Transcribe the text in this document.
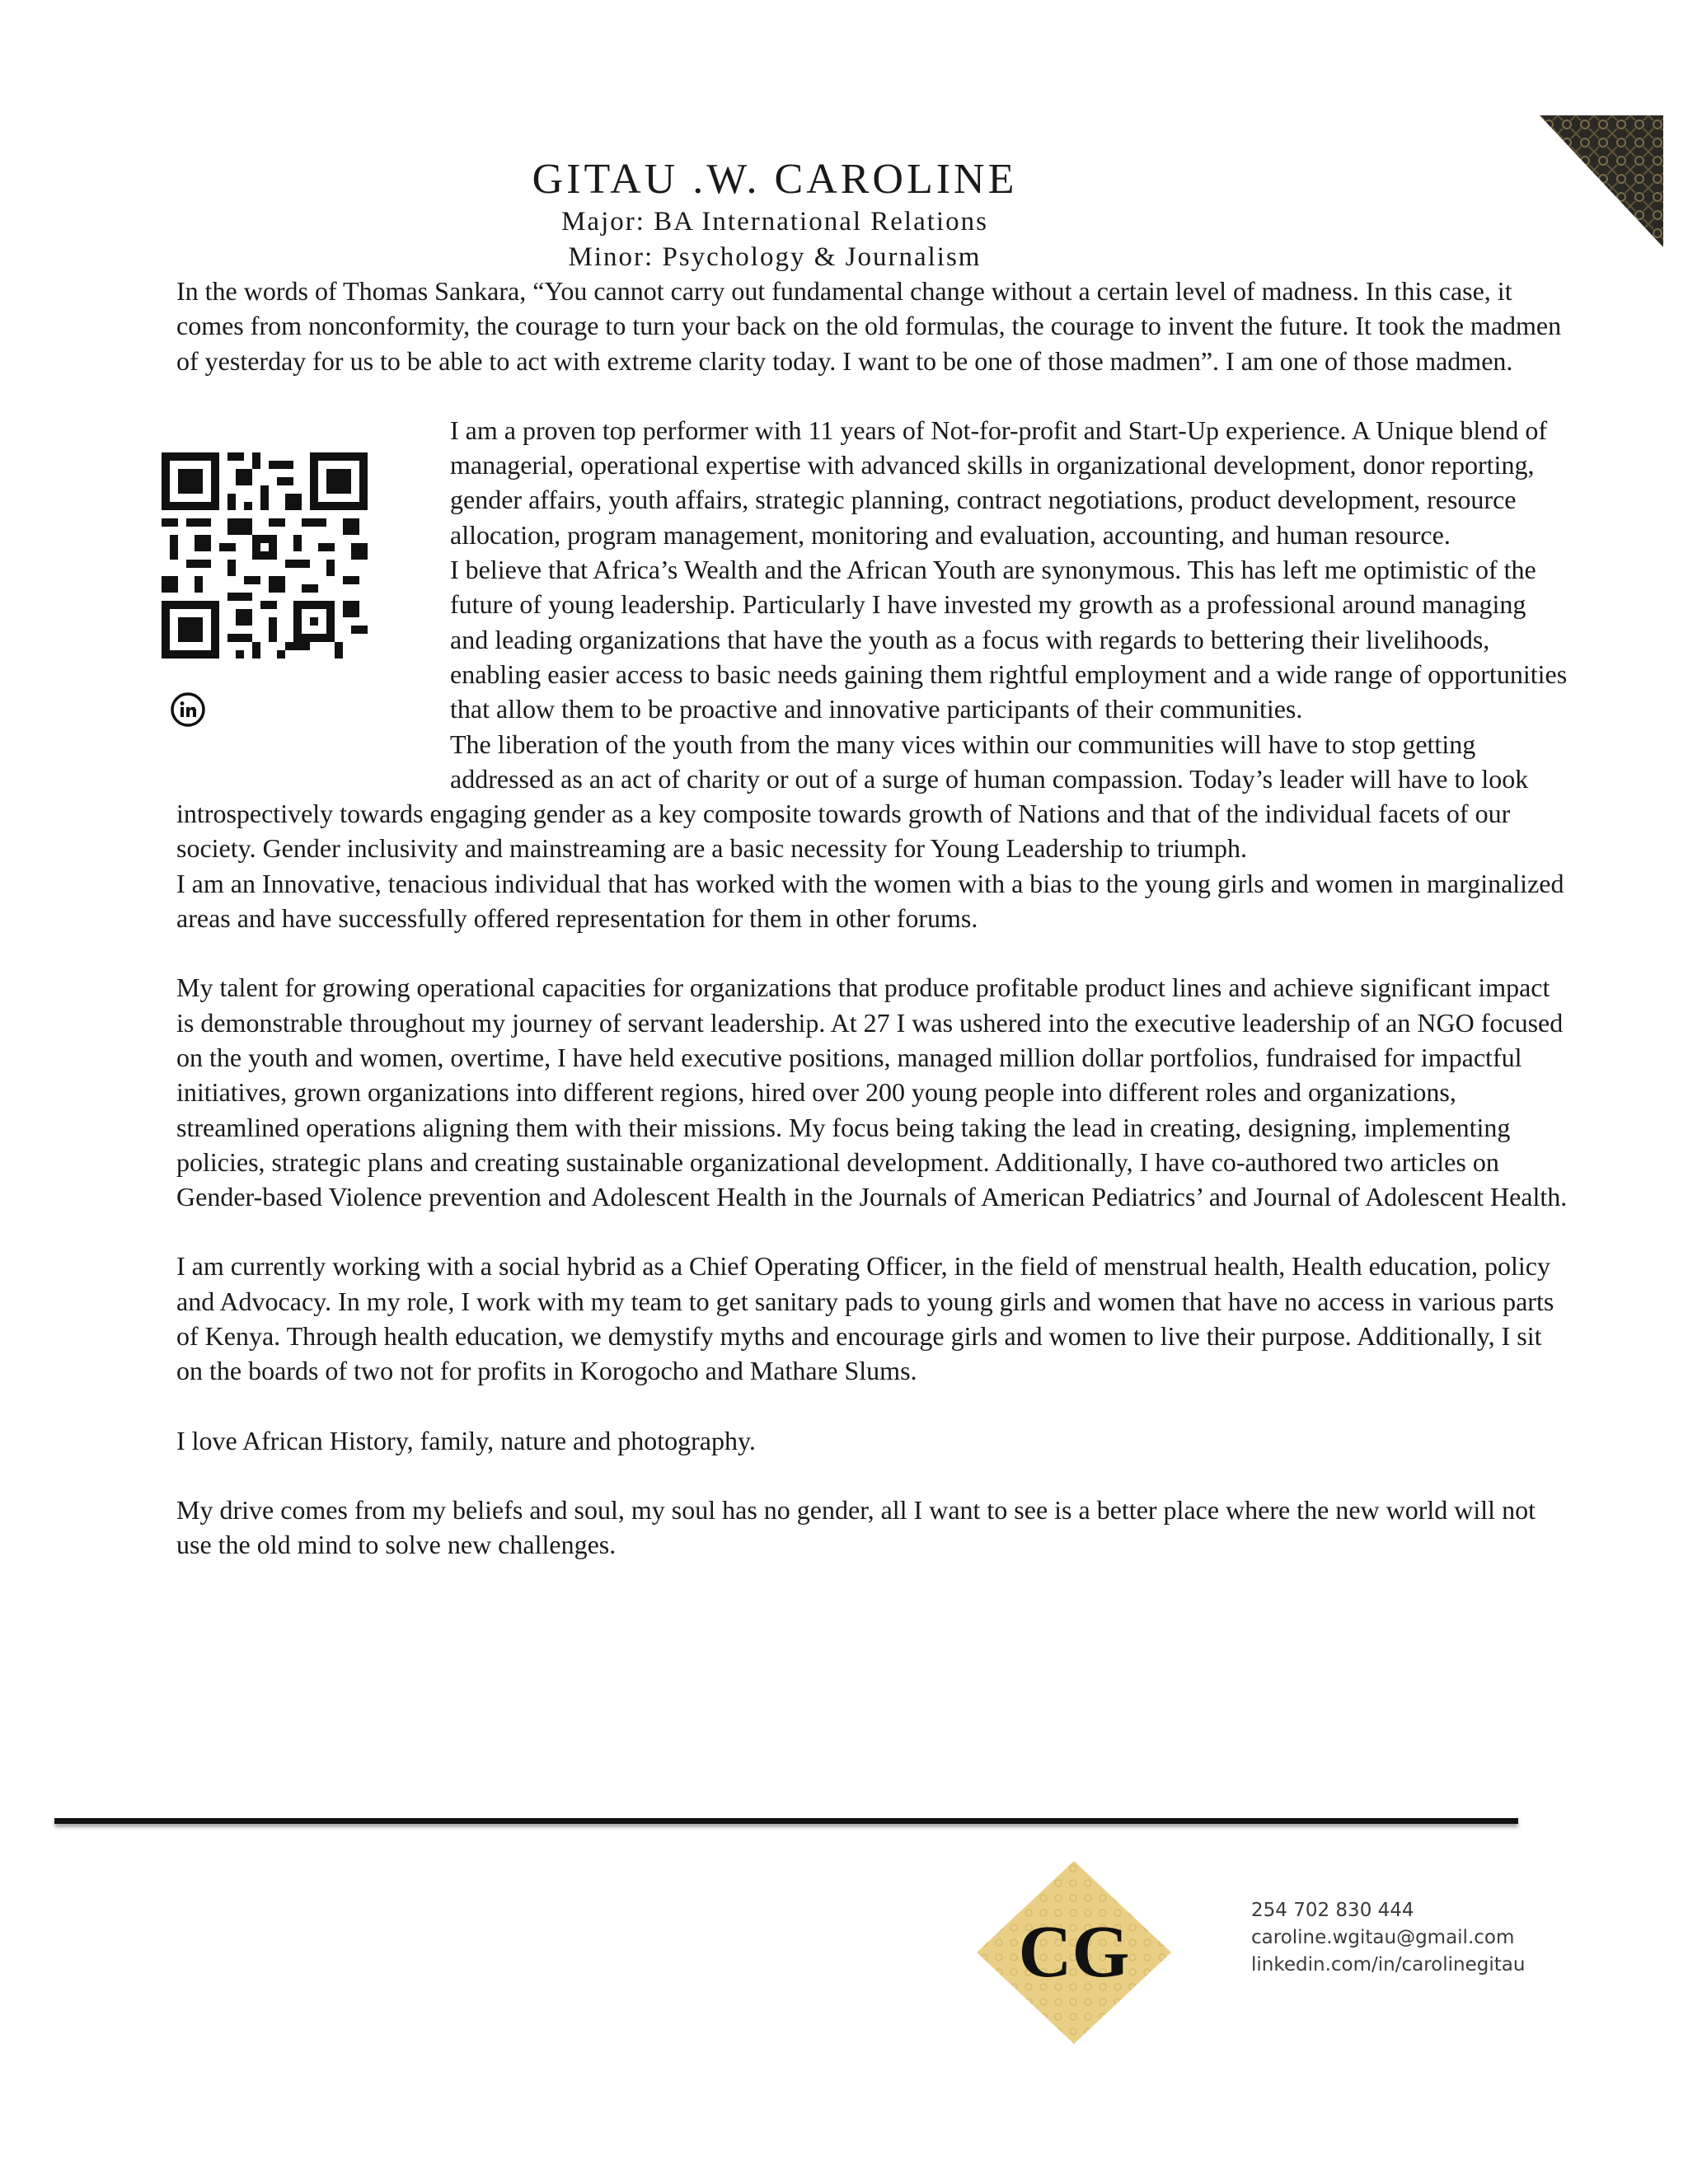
GITAU .W. CAROLINE
Major: BA International Relations
Minor: Psychology & Journalism

In the words of Thomas Sankara, “You cannot carry out fundamental change without a certain level of madness. In this case, it comes from nonconformity, the courage to turn your back on the old formulas, the courage to invent the future. It took the madmen of yesterday for us to be able to act with extreme clarity today. I want to be one of those madmen”. I am one of those madmen.

I am a proven top performer with 11 years of Not-for-profit and Start-Up experience. A Unique blend of managerial, operational expertise with advanced skills in organizational development, donor reporting, gender affairs, youth affairs, strategic planning, contract negotiations, product development, resource allocation, program management, monitoring and evaluation, accounting, and human resource.

I believe that Africa’s Wealth and the African Youth are synonymous. This has left me optimistic of the future of young leadership. Particularly I have invested my growth as a professional around managing and leading organizations that have the youth as a focus with regards to bettering their livelihoods, enabling easier access to basic needs gaining them rightful employment and a wide range of opportunities that allow them to be proactive and innovative participants of their communities.

The liberation of the youth from the many vices within our communities will have to stop getting addressed as an act of charity or out of a surge of human compassion. Today’s leader will have to look introspectively towards engaging gender as a key composite towards growth of Nations and that of the individual facets of our society. Gender inclusivity and mainstreaming are a basic necessity for Young Leadership to triumph.

I am an Innovative, tenacious individual that has worked with the women with a bias to the young girls and women in marginalized areas and have successfully offered representation for them in other forums.

My talent for growing operational capacities for organizations that produce profitable product lines and achieve significant impact is demonstrable throughout my journey of servant leadership. At 27 I was ushered into the executive leadership of an NGO focused on the youth and women, overtime, I have held executive positions, managed million dollar portfolios, fundraised for impactful initiatives, grown organizations into different regions, hired over 200 young people into different roles and organizations, streamlined operations aligning them with their missions. My focus being taking the lead in creating, designing, implementing policies, strategic plans and creating sustainable organizational development. Additionally, I have co-authored two articles on Gender-based Violence prevention and Adolescent Health in the Journals of American Pediatrics’ and Journal of Adolescent Health.

I am currently working with a social hybrid as a Chief Operating Officer, in the field of menstrual health, Health education, policy and Advocacy. In my role, I work with my team to get sanitary pads to young girls and women that have no access in various parts of Kenya. Through health education, we demystify myths and encourage girls and women to live their purpose. Additionally, I sit on the boards of two not for profits in Korogocho and Mathare Slums.

I love African History, family, nature and photography.

My drive comes from my beliefs and soul, my soul has no gender, all I want to see is a better place where the new world will not use the old mind to solve new challenges.

CG
254 702 830 444
caroline.wgitau@gmail.com
linkedin.com/in/carolinegitau
